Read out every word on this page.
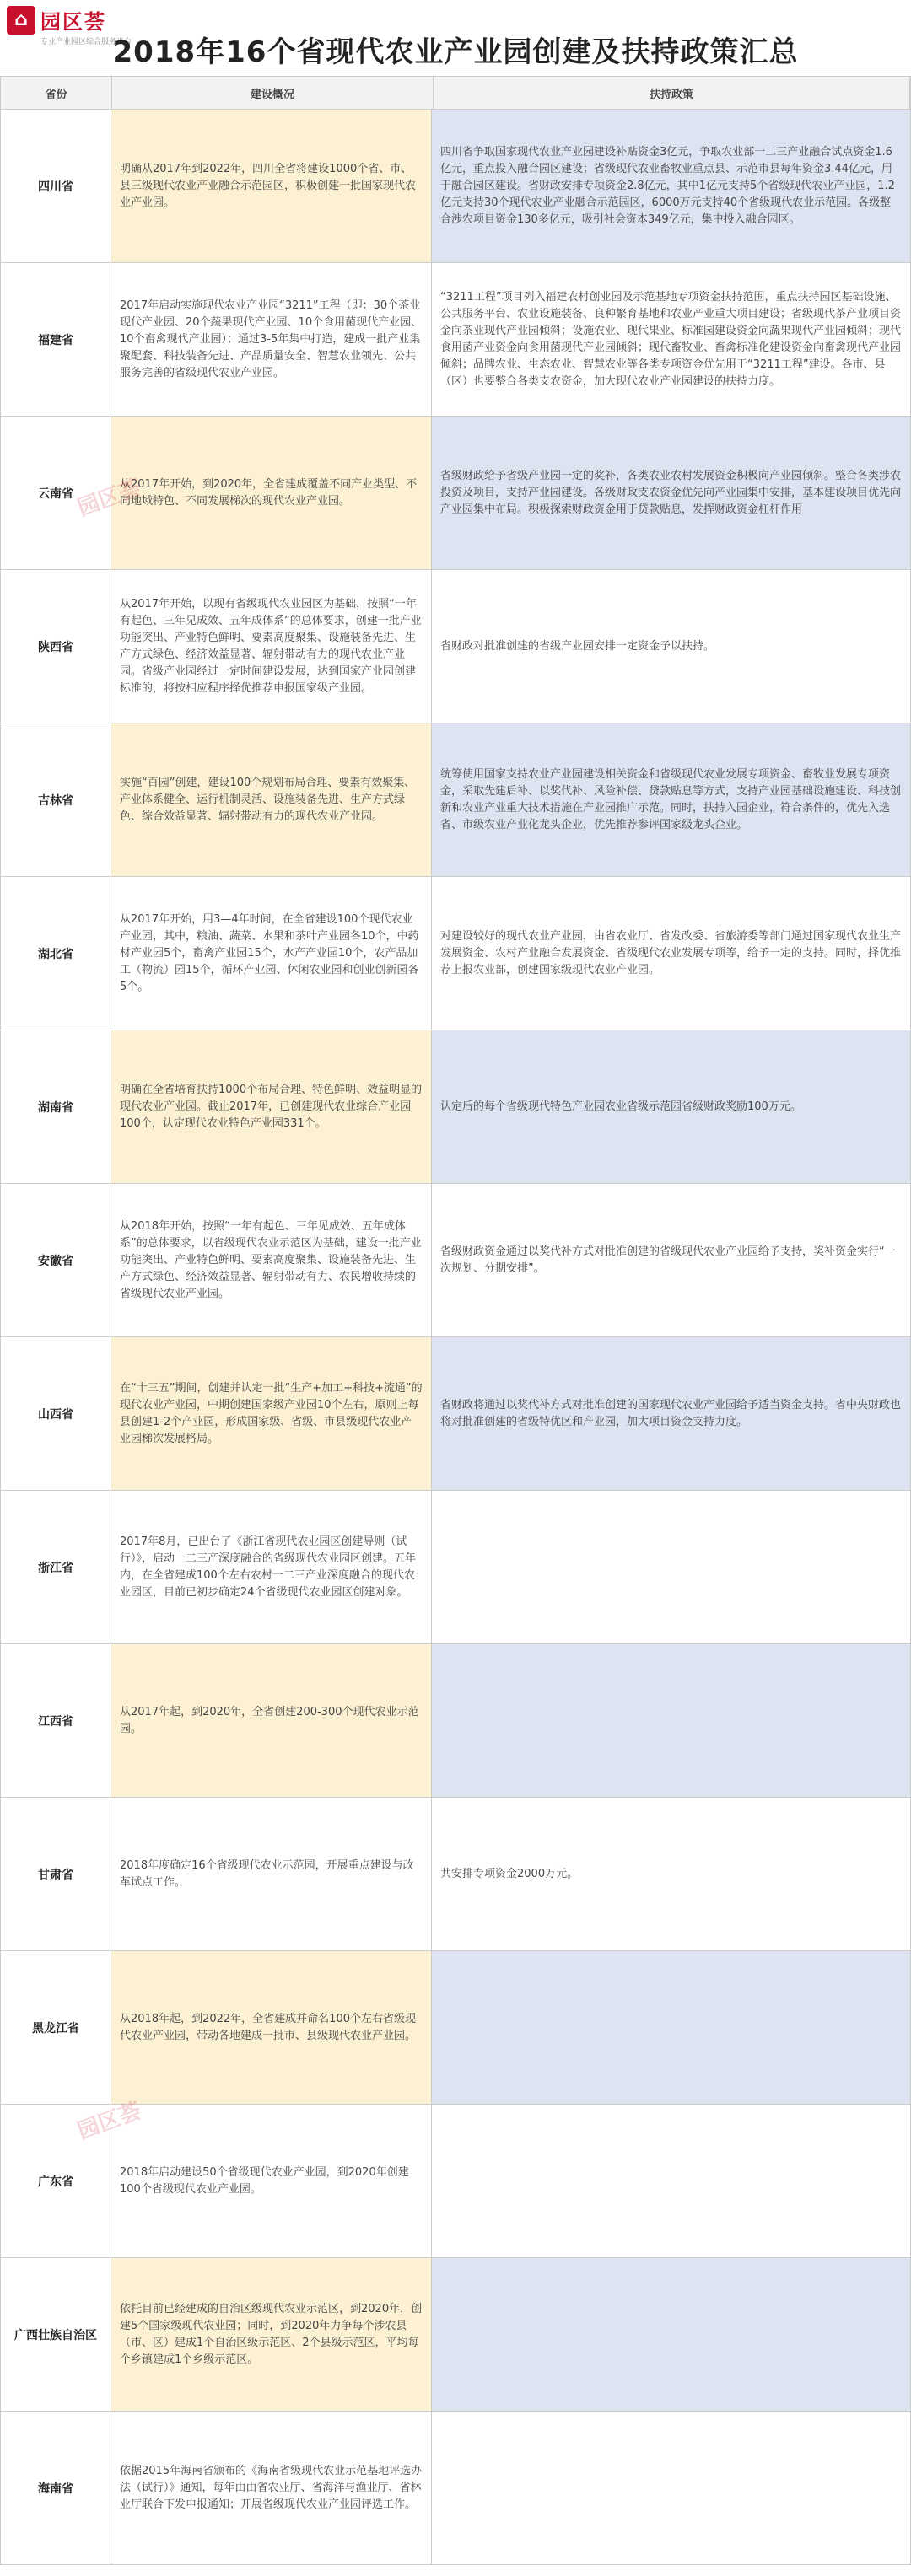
⌂ 园区荟
专业产业园区综合服务平台
2018年16个省现代农业产业园创建及扶持政策汇总
省份	建设概况	扶持政策
四川省
明确从2017年到2022年，四川全省将建设1000个省、市、县三级现代农业产业融合示范园区，积极创建一批国家现代农业产业园。
四川省争取国家现代农业产业园建设补贴资金3亿元，争取农业部一二三产业融合试点资金1.6亿元，重点投入融合园区建设；省级现代农业畜牧业重点县、示范市县每年资金3.44亿元，用于融合园区建设。省财政安排专项资金2.8亿元，其中1亿元支持5个省级现代农业产业园，1.2亿元支持30个现代农业产业融合示范园区，6000万元支持40个省级现代农业示范园。各级整合涉农项目资金130多亿元，吸引社会资本349亿元，集中投入融合园区。
福建省
2017年启动实施现代农业产业园“3211”工程（即：30个茶业现代产业园、20个蔬果现代产业园、10个食用菌现代产业园、10个畜禽现代产业园）；通过3-5年集中打造，建成一批产业集聚配套、科技装备先进、产品质量安全、智慧农业领先、公共服务完善的省级现代农业产业园。
“3211工程”项目列入福建农村创业园及示范基地专项资金扶持范围，重点扶持园区基础设施、公共服务平台、农业设施装备、良种繁育基地和农业产业重大项目建设；省级现代茶产业项目资金向茶业现代产业园倾斜；设施农业、现代果业、标准园建设资金向蔬果现代产业园倾斜；现代食用菌产业资金向食用菌现代产业园倾斜；现代畜牧业、畜禽标准化建设资金向畜禽现代产业园倾斜；品牌农业、生态农业、智慧农业等各类专项资金优先用于“3211工程”建设。各市、县（区）也要整合各类支农资金，加大现代农业产业园建设的扶持力度。
云南省
从2017年开始，到2020年，全省建成覆盖不同产业类型、不同地域特色、不同发展梯次的现代农业产业园。
省级财政给予省级产业园一定的奖补，各类农业农村发展资金积极向产业园倾斜。整合各类涉农投资及项目，支持产业园建设。各级财政支农资金优先向产业园集中安排，基本建设项目优先向产业园集中布局。积极探索财政资金用于贷款贴息，发挥财政资金杠杆作用
陕西省
从2017年开始，以现有省级现代农业园区为基础，按照“一年有起色、三年见成效、五年成体系”的总体要求，创建一批产业功能突出、产业特色鲜明、要素高度聚集、设施装备先进、生产方式绿色、经济效益显著、辐射带动有力的现代农业产业园。省级产业园经过一定时间建设发展，达到国家产业园创建标准的，将按相应程序择优推荐申报国家级产业园。
省财政对批准创建的省级产业园安排一定资金予以扶持。
吉林省
实施“百园”创建，建设100个规划布局合理、要素有效聚集、产业体系健全、运行机制灵活、设施装备先进、生产方式绿色、综合效益显著、辐射带动有力的现代农业产业园。
统筹使用国家支持农业产业园建设相关资金和省级现代农业发展专项资金、畜牧业发展专项资金，采取先建后补、以奖代补、风险补偿、贷款贴息等方式，支持产业园基础设施建设、科技创新和农业产业重大技术措施在产业园推广示范。同时，扶持入园企业，符合条件的，优先入选省、市级农业产业化龙头企业，优先推荐参评国家级龙头企业。
湖北省
从2017年开始，用3—4年时间，在全省建设100个现代农业产业园，其中，粮油、蔬菜、水果和茶叶产业园各10个，中药材产业园5个，畜禽产业园15个，水产产业园10个，农产品加工（物流）园15个，循环产业园、休闲农业园和创业创新园各5个。
对建设较好的现代农业产业园，由省农业厅、省发改委、省旅游委等部门通过国家现代农业生产发展资金、农村产业融合发展资金、省级现代农业发展专项等，给予一定的支持。同时，择优推荐上报农业部，创建国家级现代农业产业园。
湖南省
明确在全省培育扶持1000个布局合理、特色鲜明、效益明显的现代农业产业园。截止2017年，已创建现代农业综合产业园100个，认定现代农业特色产业园331个。
认定后的每个省级现代特色产业园农业省级示范园省级财政奖励100万元。
安徽省
从2018年开始，按照“一年有起色、三年见成效、五年成体系”的总体要求，以省级现代农业示范区为基础，建设一批产业功能突出、产业特色鲜明、要素高度聚集、设施装备先进、生产方式绿色、经济效益显著、辐射带动有力、农民增收持续的省级现代农业产业园。
省级财政资金通过以奖代补方式对批准创建的省级现代农业产业园给予支持，奖补资金实行“一次规划、分期安排”。
山西省
在“十三五”期间，创建并认定一批“生产+加工+科技+流通”的现代农业产业园，中期创建国家级产业园10个左右，原则上每县创建1-2个产业园，形成国家级、省级、市县级现代农业产业园梯次发展格局。
省财政将通过以奖代补方式对批准创建的国家现代农业产业园给予适当资金支持。省中央财政也将对批准创建的省级特优区和产业园，加大项目资金支持力度。
浙江省
2017年8月，已出台了《浙江省现代农业园区创建导则（试行）》，启动一二三产深度融合的省级现代农业园区创建。五年内，在全省建成100个左右农村一二三产业深度融合的现代农业园区，目前已初步确定24个省级现代农业园区创建对象。
江西省
从2017年起，到2020年，全省创建200-300个现代农业示范园。
甘肃省
2018年度确定16个省级现代农业示范园，开展重点建设与改革试点工作。
共安排专项资金2000万元。
黑龙江省
从2018年起，到2022年，全省建成并命名100个左右省级现代农业产业园，带动各地建成一批市、县级现代农业产业园。
广东省
2018年启动建设50个省级现代农业产业园，到2020年创建100个省级现代农业产业园。
广西壮族自治区
依托目前已经建成的自治区级现代农业示范区，到2020年，创建5个国家级现代农业园；同时，到2020年力争每个涉农县（市、区）建成1个自治区级示范区、2个县级示范区，平均每个乡镇建成1个乡级示范区。
海南省
依据2015年海南省颁布的《海南省级现代农业示范基地评选办法（试行）》通知，每年由由省农业厅、省海洋与渔业厅、省林业厅联合下发申报通知；开展省级现代农业产业园评选工作。
